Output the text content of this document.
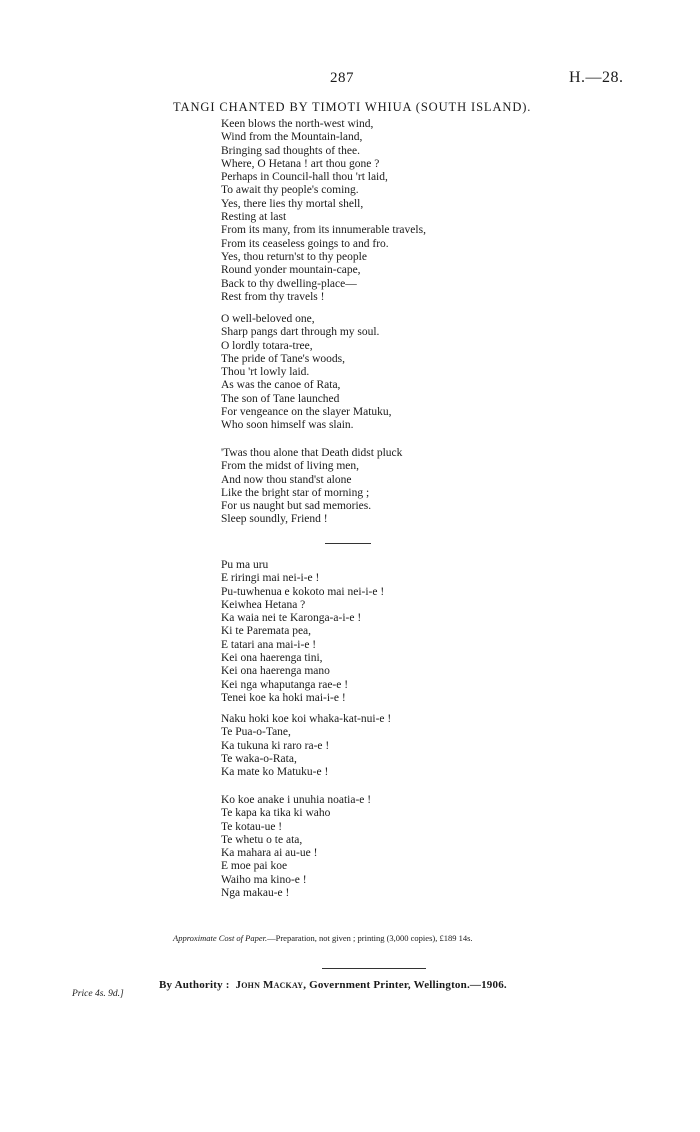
287	H.—28.
TANGI CHANTED BY TIMOTI WHIUA (SOUTH ISLAND).
Keen blows the north-west wind,
Wind from the Mountain-land,
Bringing sad thoughts of thee.
Where, O Hetana ! art thou gone ?
Perhaps in Council-hall thou 'rt laid,
To await thy people's coming.
Yes, there lies thy mortal shell,
Resting at last
From its many, from its innumerable travels,
From its ceaseless goings to and fro.
Yes, thou return'st to thy people
Round yonder mountain-cape,
Back to thy dwelling-place—
Rest from thy travels !
O well-beloved one,
Sharp pangs dart through my soul.
O lordly totara-tree,
The pride of Tane's woods,
Thou 'rt lowly laid.
As was the canoe of Rata,
The son of Tane launched
For vengeance on the slayer Matuku,
Who soon himself was slain.
'Twas thou alone that Death didst pluck
From the midst of living men,
And now thou stand'st alone
Like the bright star of morning ;
For us naught but sad memories.
Sleep soundly, Friend !
Pu ma uru
E riringi mai nei-i-e !
Pu-tuwhenua e kokoto mai nei-i-e !
Keiwhea Hetana ?
Ka waia nei te Karonga-a-i-e !
Ki te Paremata pea,
E tatari ana mai-i-e !
Kei ona haerenga tini,
Kei ona haerenga mano
Kei nga whaputanga rae-e !
Tenei koe ka hoki mai-i-e !
Naku hoki koe koi whaka-kat-nui-e !
Te Pua-o-Tane,
Ka tukuna ki raro ra-e !
Te waka-o-Rata,
Ka mate ko Matuku-e !
Ko koe anake i unuhia noatia-e !
Te kapa ka tika ki waho
Te kotau-ue !
Te whetu o te ata,
Ka mahara ai au-ue !
E moe pai koe
Waiho ma kino-e !
Nga makau-e !
Approximate Cost of Paper.—Preparation, not given ; printing (3,000 copies), £189 14s.
By Authority : John Mackay, Government Printer, Wellington.—1906.
Price 4s. 9d.]
